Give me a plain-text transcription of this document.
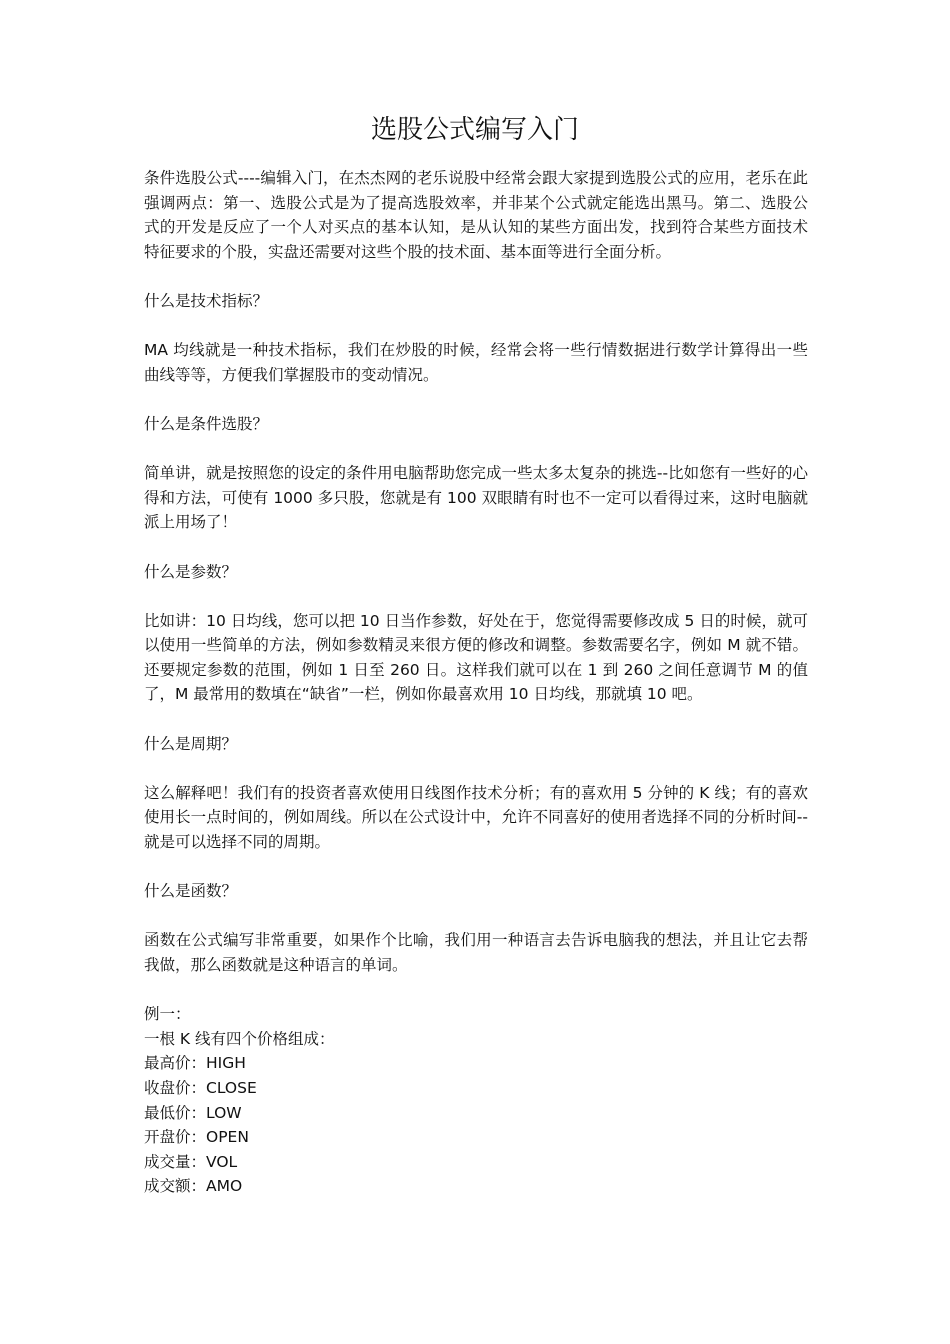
选股公式编写入门

条件选股公式----编辑入门，在杰杰网的老乐说股中经常会跟大家提到选股公式的应用，老乐在此强调两点：第一、选股公式是为了提高选股效率，并非某个公式就定能选出黑马。第二、选股公式的开发是反应了一个人对买点的基本认知，是从认知的某些方面出发，找到符合某些方面技术特征要求的个股，实盘还需要对这些个股的技术面、基本面等进行全面分析。

什么是技术指标？

MA 均线就是一种技术指标，我们在炒股的时候，经常会将一些行情数据进行数学计算得出一些曲线等等，方便我们掌握股市的变动情况。

什么是条件选股？

简单讲，就是按照您的设定的条件用电脑帮助您完成一些太多太复杂的挑选--比如您有一些好的心得和方法，可使有 1000 多只股，您就是有 100 双眼睛有时也不一定可以看得过来，这时电脑就派上用场了！

什么是参数？

比如讲：10 日均线，您可以把 10 日当作参数，好处在于，您觉得需要修改成 5 日的时候，就可以使用一些简单的方法，例如参数精灵来很方便的修改和调整。参数需要名字，例如 M 就不错。还要规定参数的范围，例如 1 日至 260 日。这样我们就可以在 1 到 260 之间任意调节 M 的值了，M 最常用的数填在“缺省”一栏，例如你最喜欢用 10 日均线，那就填 10 吧。

什么是周期？

这么解释吧！我们有的投资者喜欢使用日线图作技术分析；有的喜欢用 5 分钟的 K 线；有的喜欢使用长一点时间的，例如周线。所以在公式设计中，允许不同喜好的使用者选择不同的分析时间--就是可以选择不同的周期。

什么是函数？

函数在公式编写非常重要，如果作个比喻，我们用一种语言去告诉电脑我的想法，并且让它去帮我做，那么函数就是这种语言的单词。

例一：
一根 K 线有四个价格组成：
最高价：HIGH
收盘价：CLOSE
最低价：LOW
开盘价：OPEN
成交量：VOL
成交额：AMO
